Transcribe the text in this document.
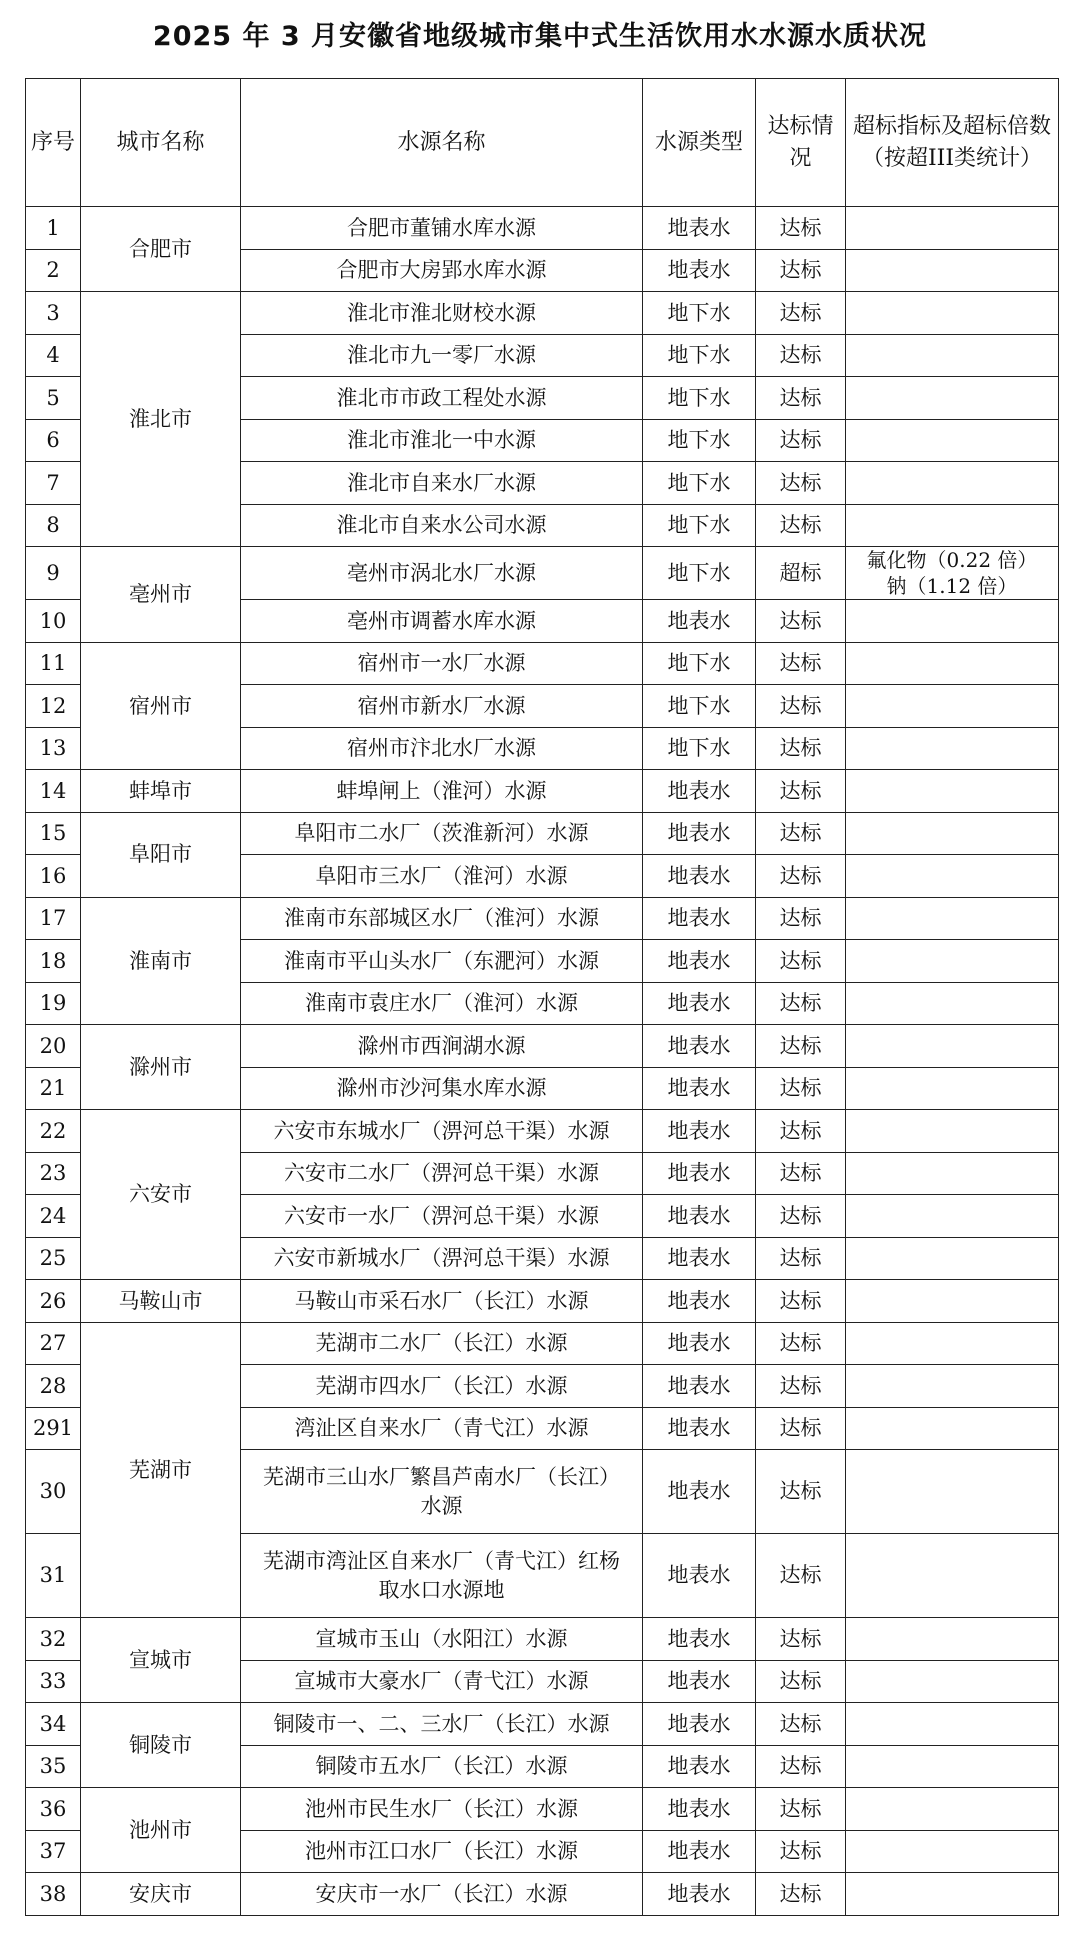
2025 年 3 月安徽省地级城市集中式生活饮用水水源水质状况
序号	城市名称	水源名称	水源类型	达标情况	超标指标及超标倍数（按超III类统计）
1	合肥市	合肥市董铺水库水源	地表水	达标	
2		合肥市大房郢水库水源	地表水	达标	
3	淮北市	淮北市淮北财校水源	地下水	达标	
4		淮北市九一零厂水源	地下水	达标	
5		淮北市市政工程处水源	地下水	达标	
6		淮北市淮北一中水源	地下水	达标	
7		淮北市自来水厂水源	地下水	达标	
8		淮北市自来水公司水源	地下水	达标	
9	亳州市	亳州市涡北水厂水源	地下水	超标	氟化物（0.22 倍）
钠（1.12 倍）
10		亳州市调蓄水库水源	地表水	达标	
11	宿州市	宿州市一水厂水源	地下水	达标	
12		宿州市新水厂水源	地下水	达标	
13		宿州市汴北水厂水源	地下水	达标	
14	蚌埠市	蚌埠闸上（淮河）水源	地表水	达标	
15	阜阳市	阜阳市二水厂（茨淮新河）水源	地表水	达标	
16		阜阳市三水厂（淮河）水源	地表水	达标	
17	淮南市	淮南市东部城区水厂（淮河）水源	地表水	达标	
18		淮南市平山头水厂（东淝河）水源	地表水	达标	
19		淮南市袁庄水厂（淮河）水源	地表水	达标	
20	滁州市	滁州市西涧湖水源	地表水	达标	
21		滁州市沙河集水库水源	地表水	达标	
22	六安市	六安市东城水厂（淠河总干渠）水源	地表水	达标	
23		六安市二水厂（淠河总干渠）水源	地表水	达标	
24		六安市一水厂（淠河总干渠）水源	地表水	达标	
25		六安市新城水厂（淠河总干渠）水源	地表水	达标	
26	马鞍山市	马鞍山市采石水厂（长江）水源	地表水	达标	
27	芜湖市	芜湖市二水厂（长江）水源	地表水	达标	
28		芜湖市四水厂（长江）水源	地表水	达标	
291		湾沚区自来水厂（青弋江）水源	地表水	达标	
30		芜湖市三山水厂繁昌芦南水厂（长江）
水源	地表水	达标	
31		芜湖市湾沚区自来水厂（青弋江）红杨
取水口水源地	地表水	达标	
32	宣城市	宣城市玉山（水阳江）水源	地表水	达标	
33		宣城市大豪水厂（青弋江）水源	地表水	达标	
34	铜陵市	铜陵市一、二、三水厂（长江）水源	地表水	达标	
35		铜陵市五水厂（长江）水源	地表水	达标	
36	池州市	池州市民生水厂（长江）水源	地表水	达标	
37		池州市江口水厂（长江）水源	地表水	达标	
38	安庆市	安庆市一水厂（长江）水源	地表水	达标	
